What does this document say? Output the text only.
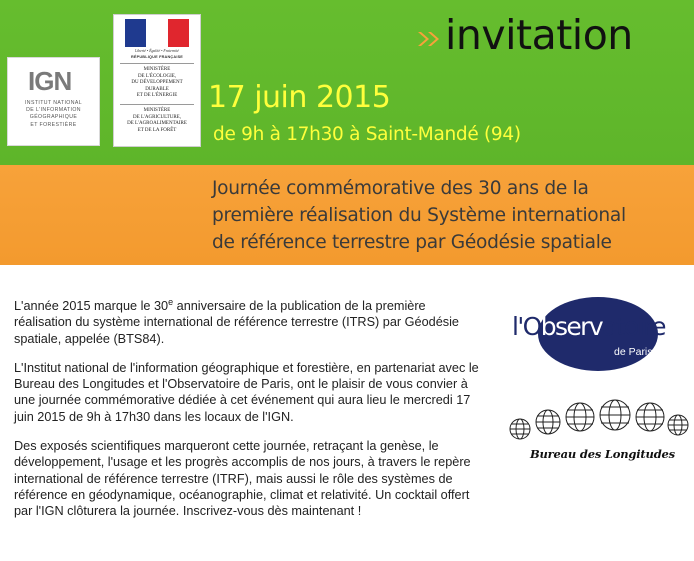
IGN
INSTITUT NATIONAL
DE L'INFORMATION
GÉOGRAPHIQUE
ET FORESTIÈRE
Liberté • Égalité • Fraternité
RÉPUBLIQUE FRANÇAISE
MINISTÈRE
DE L'ÉCOLOGIE,
DU DÉVELOPPEMENT
DURABLE
ET DE L'ÉNERGIE
MINISTÈRE
DE L'AGRICULTURE,
DE L'AGROALIMENTAIRE
ET DE LA FORÊT
invitation
17 juin 2015
de 9h à 17h30 à Saint-Mandé (94)
Journée commémorative des 30 ans de la
première réalisation du Système international
de référence terrestre par Géodésie spatiale

L'année 2015 marque le 30e anniversaire de la publication de la première réalisation du système international de référence terrestre (ITRS) par Géodésie spatiale, appelée (BTS84).

L'Institut national de l'information géographique et forestière, en partenariat avec le Bureau des Longitudes et l'Observatoire de Paris, ont le plaisir de vous convier à une journée commémorative dédiée à cet événement qui aura lieu le mercredi 17 juin 2015 de 9h à 17h30 dans les locaux de l'IGN.

Des exposés scientifiques marqueront cette journée, retraçant la genèse, le développement, l'usage et les progrès accomplis de nos jours, à travers le repère international de référence terrestre (ITRF), mais aussi le rôle des systèmes de référence en géodynamique, océanographie, climat et relativité. Un cocktail offert par l'IGN clôturera la journée. Inscrivez-vous dès maintenant !

l'Observatoire
de Paris
Bureau des Longitudes
